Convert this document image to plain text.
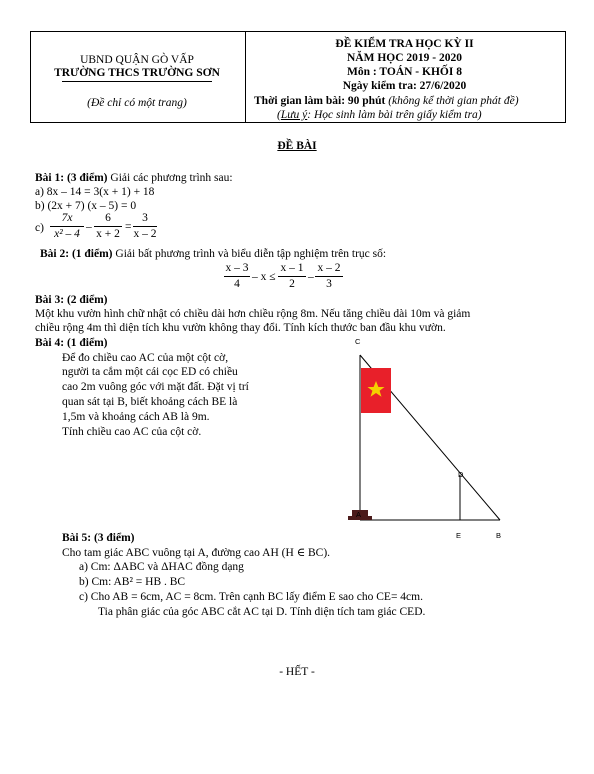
UBND QUẬN GÒ VẤP
TRƯỜNG THCS TRƯỜNG SƠN
(Đề chỉ có một trang)
ĐỀ KIỂM TRA HỌC KỲ II
NĂM HỌC 2019 - 2020
Môn : TOÁN - KHỐI 8
Ngày kiểm tra: 27/6/2020
Thời gian làm bài: 90 phút (không kể thời gian phát đề)
(Lưu ý: Học sinh làm bài trên giấy kiểm tra)
ĐỀ BÀI
Bài 1: (3 điểm) Giải các phương trình sau:
a) 8x – 14 = 3(x + 1) + 18
b) (2x + 7) (x – 5) = 0
c)
7x
x² – 4
–
6
x + 2
=
3
x – 2
Bài 2: (1 điểm) Giải bất phương trình và biểu diễn tập nghiệm trên trục số:
x – 3
4
– x ≤
x – 1
2
–
x – 2
3
Bài 3: (2 điểm)
Một khu vườn hình chữ nhật có chiều dài hơn chiều rộng 8m. Nếu tăng chiều dài 10m và giảm
chiều rộng 4m thì diện tích khu vườn không thay đổi. Tính kích thước ban đầu khu vườn.
Bài 4: (1 điểm)
Để đo chiều cao AC của một cột cờ,
người ta cắm một cái cọc ED có chiều
cao 2m vuông góc với mặt đất. Đặt vị trí
quan sát tại B, biết khoảng cách BE là
1,5m và khoảng cách AB là 9m.
Tính chiều cao AC của cột cờ.
C
D
A
E	B
Bài 5: (3 điểm)
Cho tam giác ABC vuông tại A, đường cao AH (H ∈ BC).
a) Cm: ΔABC và ΔHAC đồng dạng
b) Cm: AB² = HB . BC
c) Cho AB = 6cm, AC = 8cm. Trên cạnh BC lấy điểm E sao cho CE= 4cm.
Tia phân giác của góc ABC cắt AC tại D. Tính diện tích tam giác CED.
- HẾT -
